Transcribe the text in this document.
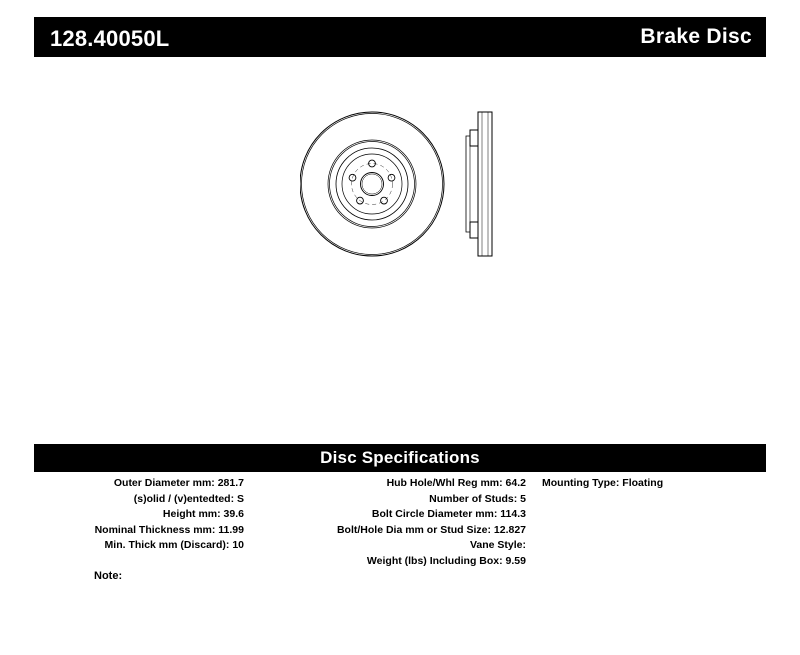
128.40050L	Brake Disc
Disc Specifications
Outer Diameter mm: 281.7
(s)olid / (v)entedted: S
Height mm: 39.6
Nominal Thickness mm: 11.99
Min. Thick mm (Discard): 10
Hub Hole/Whl Reg mm: 64.2
Number of Studs: 5
Bolt Circle Diameter mm: 114.3
Bolt/Hole Dia mm or Stud Size: 12.827
Vane Style:
Weight (lbs) Including Box: 9.59
Mounting Type: Floating
Note:
